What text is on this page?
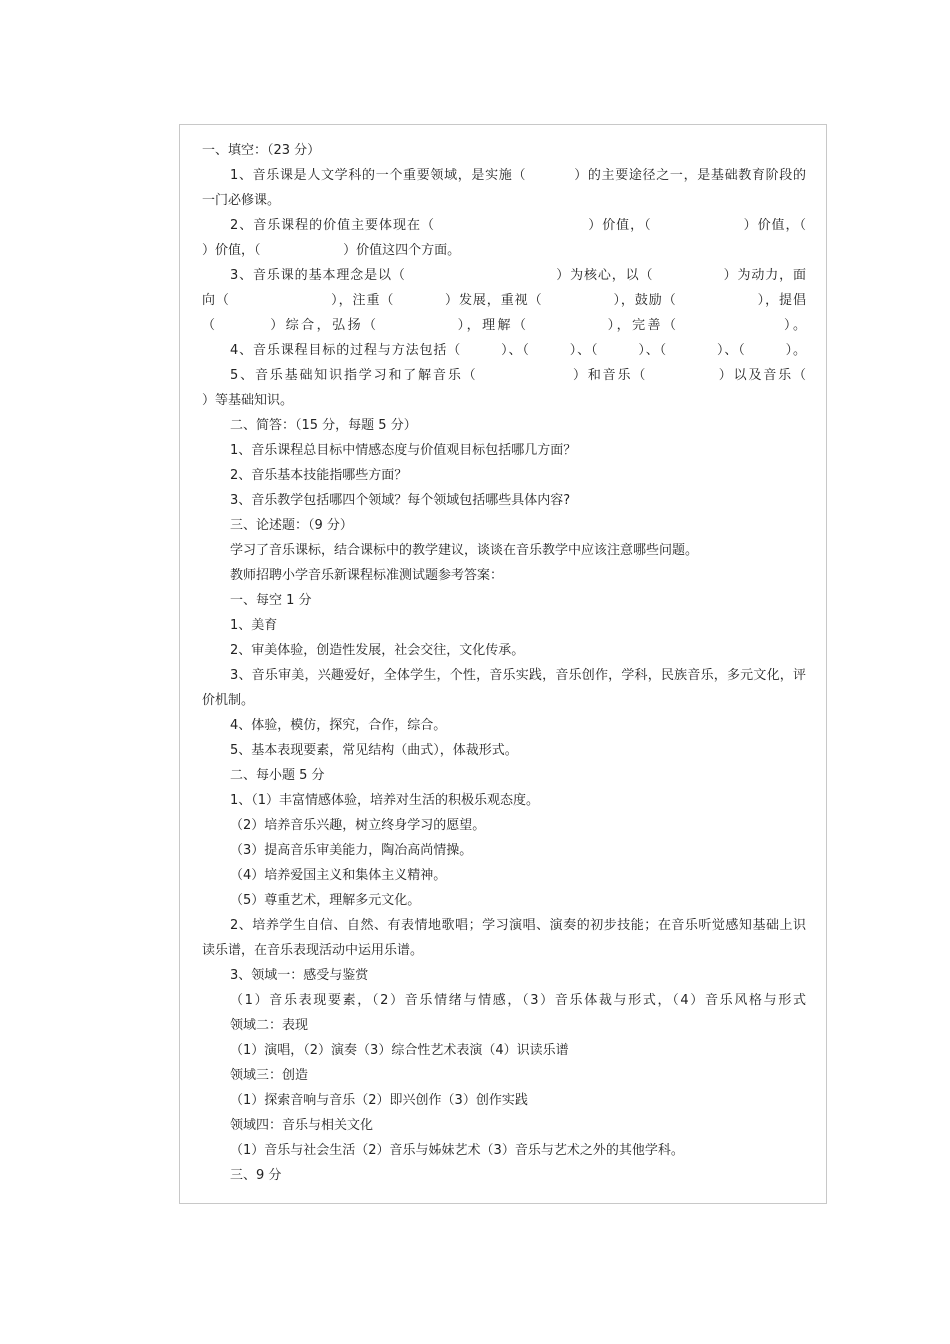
一、填空：（23 分）
1、音乐课是人文学科的一个重要领域，是实施（          ）的主要途径之一，是基础教育阶段的
一门必修课。
2、音乐课程的价值主要体现在（                              ）价值，（                  ）价值，（
）价值，（                    ）价值这四个方面。
3、音乐课的基本理念是以（                              ）为核心，以（              ）为动力，面
向（                    ），注重（          ）发展，重视（              ），鼓励（                ），提倡
（        ）综合，弘扬（            ），理解（            ），完善（                ）。
4、音乐课程目标的过程与方法包括（        ）、（        ）、（        ）、（          ）、（        ）。
5、音乐基础知识指学习和了解音乐（                ）和音乐（            ）以及音乐（
）等基础知识。
二、简答：（15 分，每题 5 分）
1、音乐课程总目标中情感态度与价值观目标包括哪几方面？
2、音乐基本技能指哪些方面？
3、音乐教学包括哪四个领域？每个领域包括哪些具体内容?
三、论述题：（9 分）
学习了音乐课标，结合课标中的教学建议，谈谈在音乐教学中应该注意哪些问题。
教师招聘小学音乐新课程标准测试题参考答案：
一、每空 1 分
1、美育
2、审美体验，创造性发展，社会交往，文化传承。
3、音乐审美，兴趣爱好，全体学生，个性，音乐实践，音乐创作，学科，民族音乐，多元文化，评
价机制。
4、体验，模仿，探究，合作，综合。
5、基本表现要素，常见结构（曲式），体裁形式。
二、每小题 5 分
1、（1）丰富情感体验，培养对生活的积极乐观态度。
（2）培养音乐兴趣，树立终身学习的愿望。
（3）提高音乐审美能力，陶冶高尚情操。
（4）培养爱国主义和集体主义精神。
（5）尊重艺术，理解多元文化。
2、培养学生自信、自然、有表情地歌唱；学习演唱、演奏的初步技能；在音乐听觉感知基础上识
读乐谱，在音乐表现活动中运用乐谱。
3、领域一：感受与鉴赏
（1）音乐表现要素，（2）音乐情绪与情感，（3）音乐体裁与形式，（4）音乐风格与形式
领域二：表现
（1）演唱，（2）演奏（3）综合性艺术表演（4）识读乐谱
领域三：创造
（1）探索音响与音乐（2）即兴创作（3）创作实践
领域四：音乐与相关文化
（1）音乐与社会生活（2）音乐与姊妹艺术（3）音乐与艺术之外的其他学科。
三、9 分
